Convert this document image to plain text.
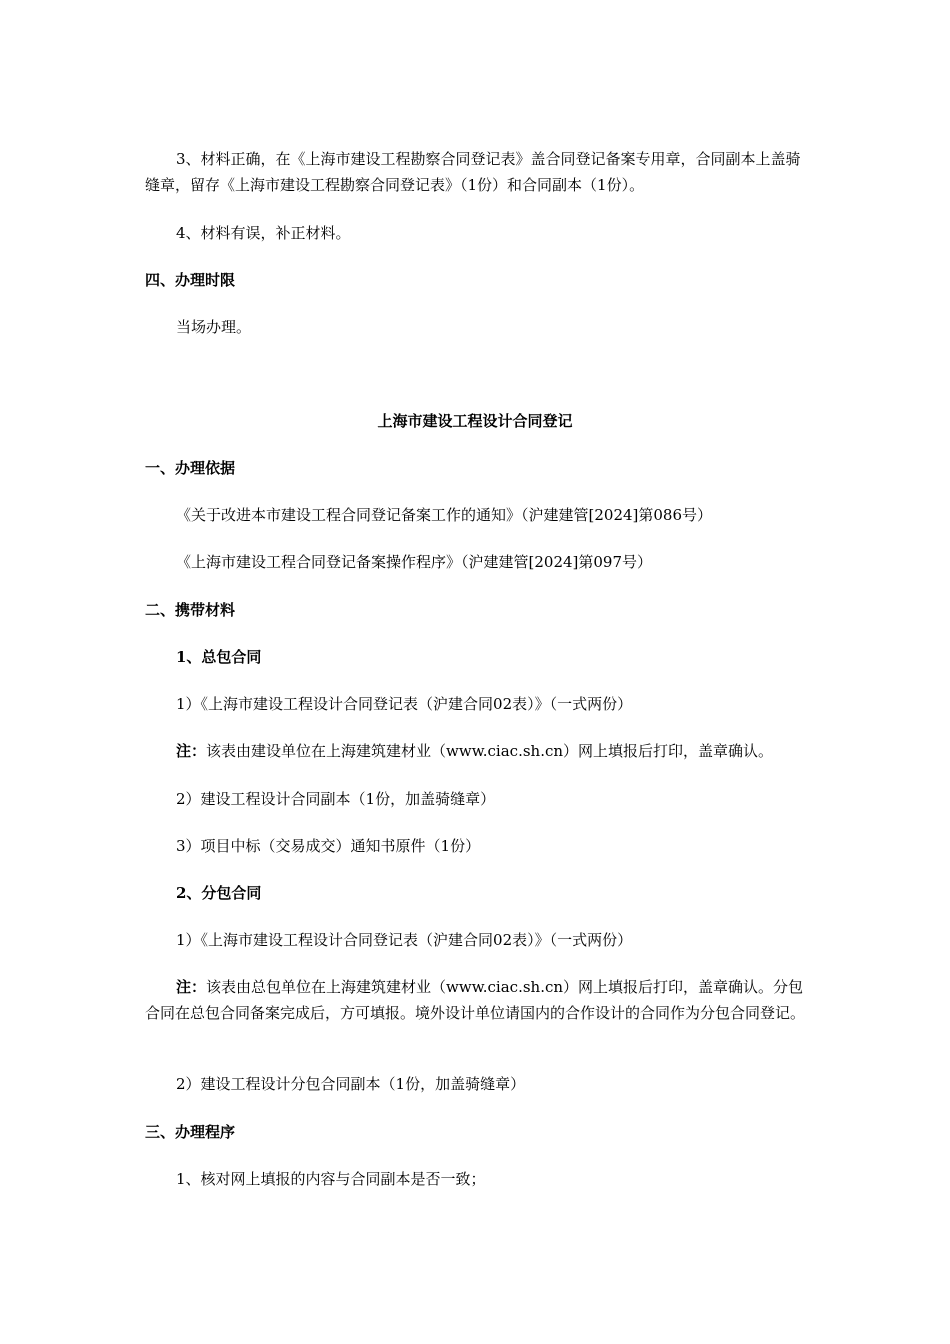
3、材料正确，在《上海市建设工程勘察合同登记表》盖合同登记备案专用章，合同副本上盖骑缝章，留存《上海市建设工程勘察合同登记表》（1份）和合同副本（1份）。
4、材料有误，补正材料。
四、办理时限
当场办理。
上海市建设工程设计合同登记
一、办理依据
《关于改进本市建设工程合同登记备案工作的通知》（沪建建管[2024]第086号）
《上海市建设工程合同登记备案操作程序》（沪建建管[2024]第097号）
二、携带材料
1、总包合同
1）《上海市建设工程设计合同登记表（沪建合同02表）》（一式两份）
注：该表由建设单位在上海建筑建材业（www.ciac.sh.cn）网上填报后打印，盖章确认。
2）建设工程设计合同副本（1份，加盖骑缝章）
3）项目中标（交易成交）通知书原件（1份）
2、分包合同
1）《上海市建设工程设计合同登记表（沪建合同02表）》（一式两份）
注：该表由总包单位在上海建筑建材业（www.ciac.sh.cn）网上填报后打印，盖章确认。分包合同在总包合同备案完成后，方可填报。境外设计单位请国内的合作设计的合同作为分包合同登记。
2）建设工程设计分包合同副本（1份，加盖骑缝章）
三、办理程序
1、核对网上填报的内容与合同副本是否一致；
